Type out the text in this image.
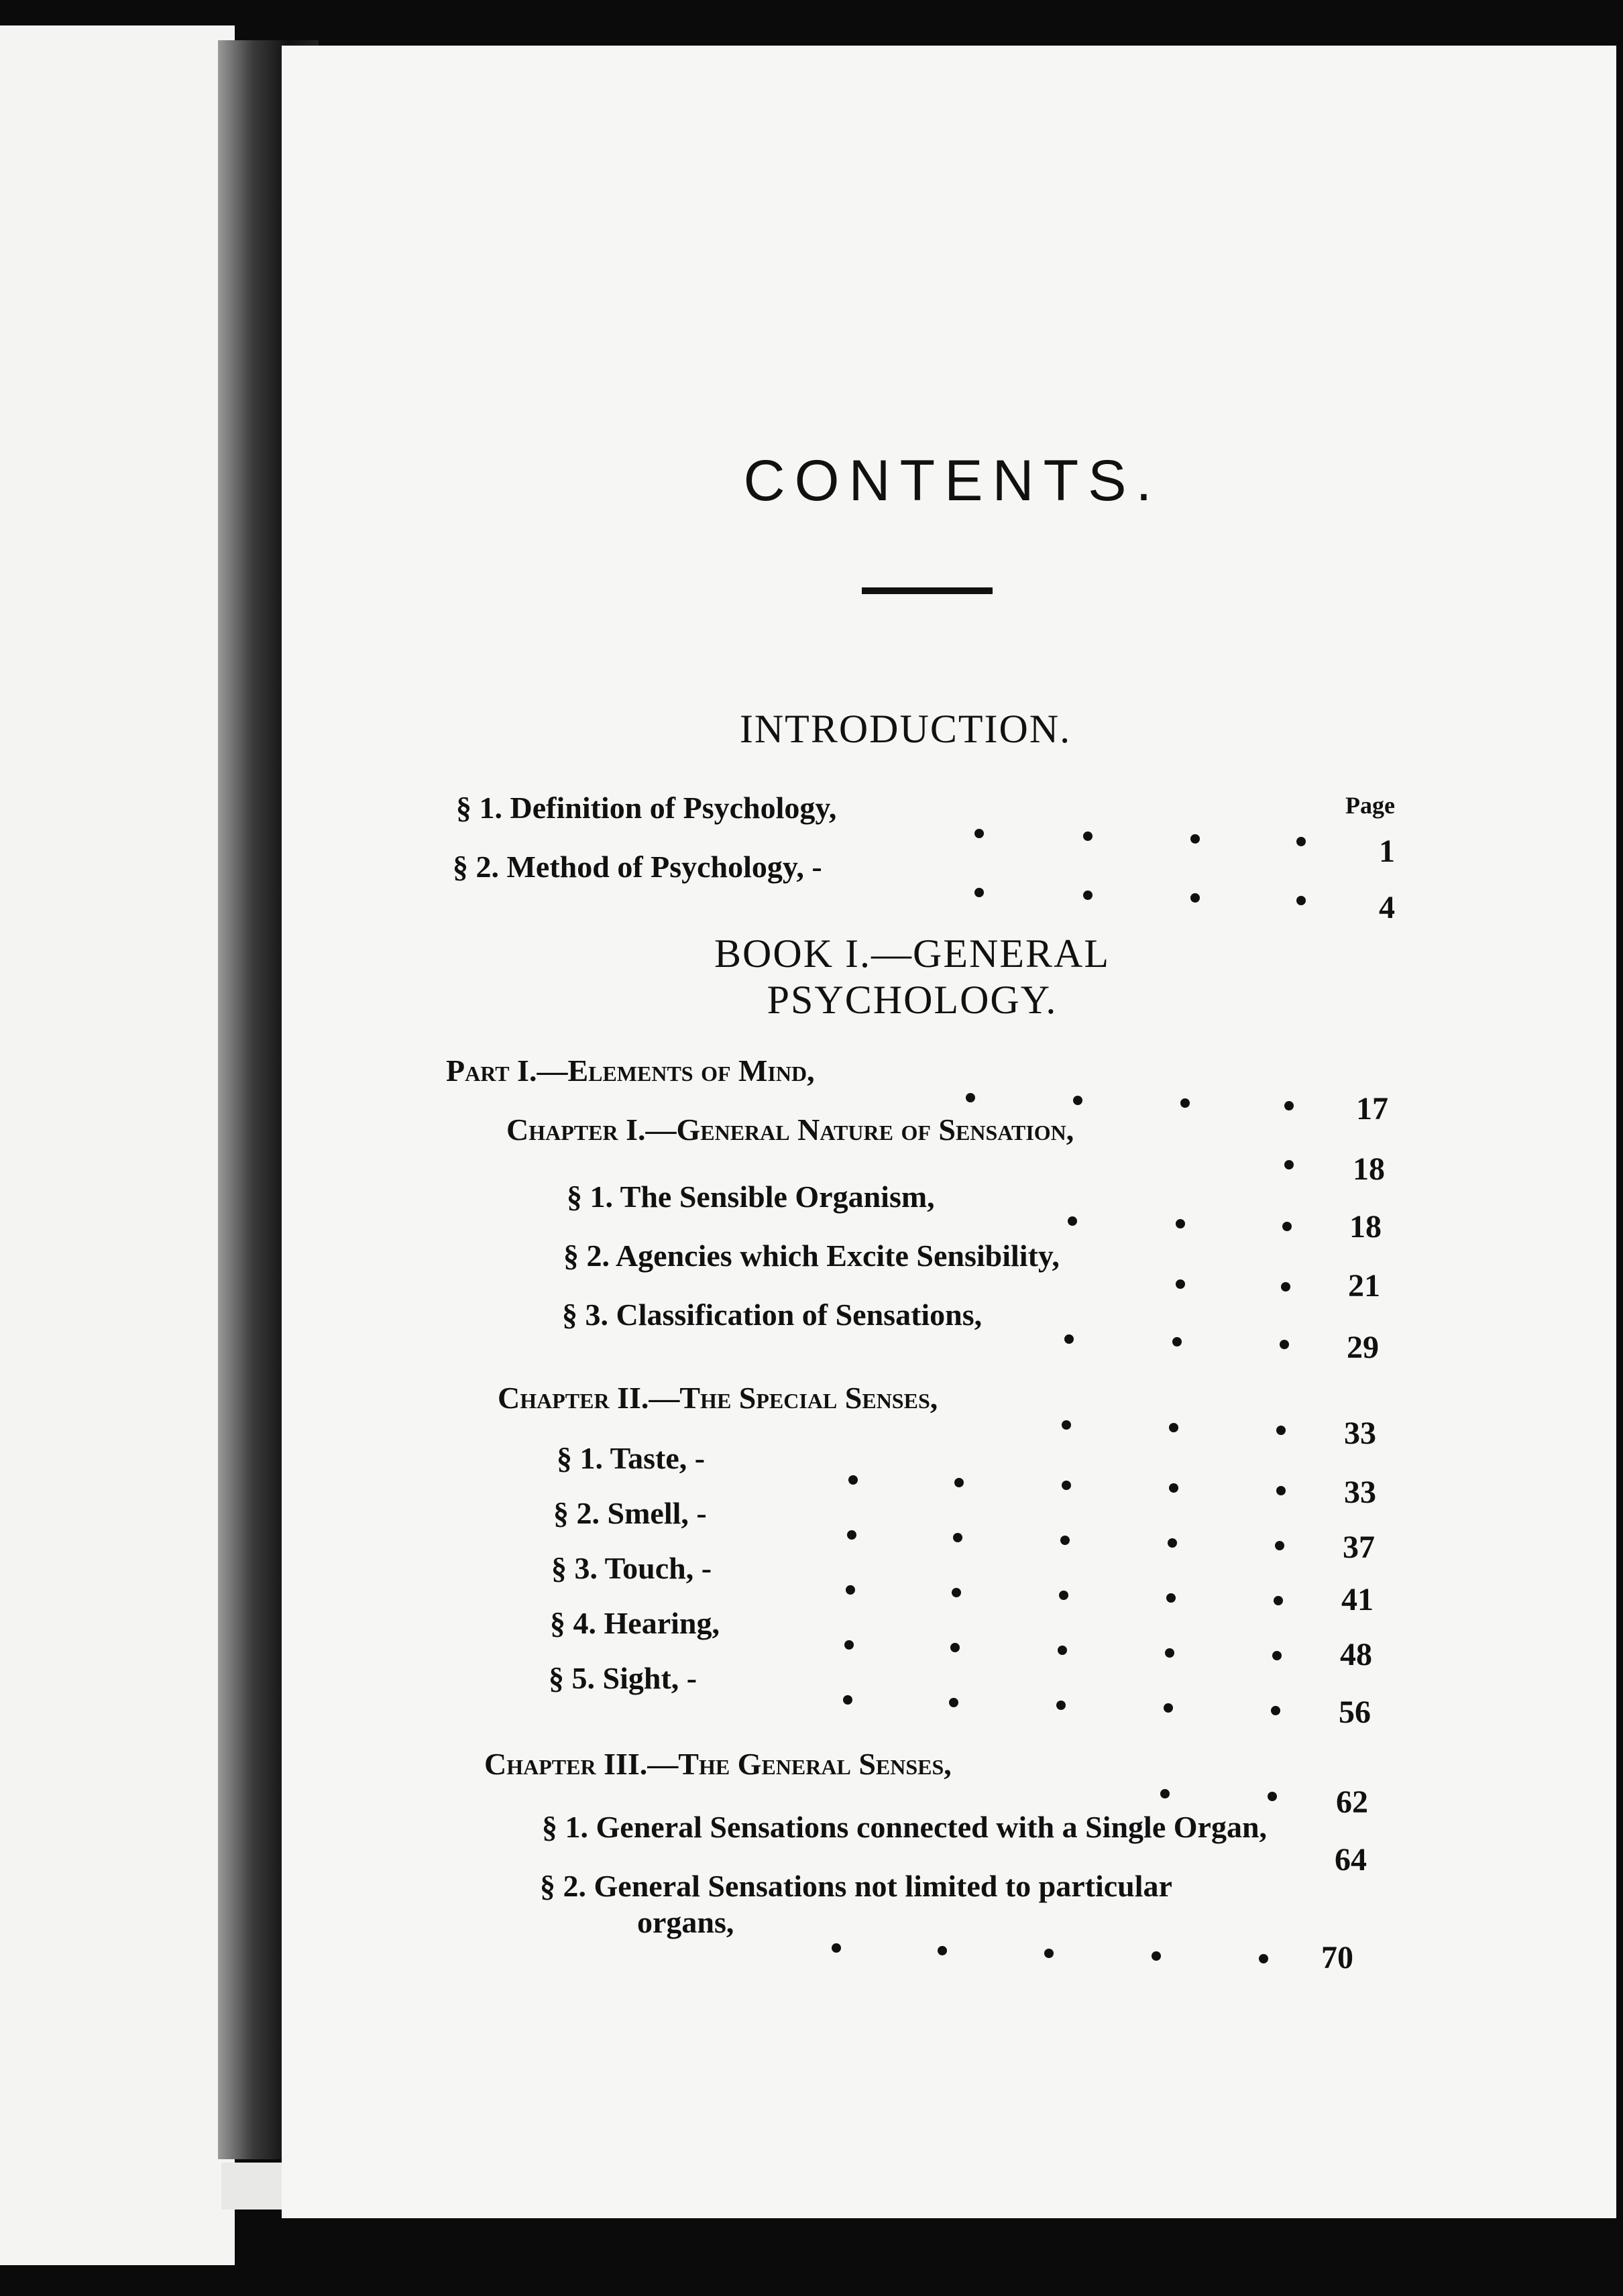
CONTENTS.
INTRODUCTION.
Page
§ 1. Definition of Psychology,
1
§ 2. Method of Psychology, -
4
BOOK I.—GENERAL PSYCHOLOGY.
Part I.—Elements of Mind,
17
Chapter I.—General Nature of Sensation,
18
§ 1. The Sensible Organism,
18
§ 2. Agencies which Excite Sensibility,
21
§ 3. Classification of Sensations,
29
Chapter II.—The Special Senses,
33
§ 1. Taste, -
33
§ 2. Smell, -
37
§ 3. Touch, -
41
§ 4. Hearing,
48
§ 5. Sight, -
56
Chapter III.—The General Senses,
62
§ 1. General Sensations connected with a Single Organ,
64
§ 2. General Sensations not limited to particular
organs,
70
